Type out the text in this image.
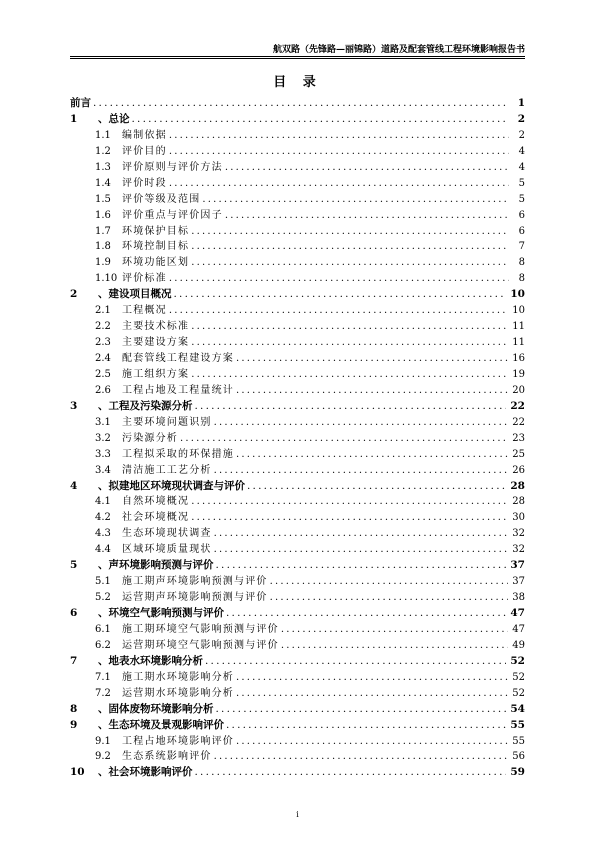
航双路（先锋路—丽锦路）道路及配套管线工程环境影响报告书
目 录
前言 .....	1
1	、总论 .....	2
1.1	编制依据 .....	2
1.2	评价目的 .....	4
1.3	评价原则与评价方法 .....	4
1.4	评价时段 .....	5
1.5	评价等级及范围 .....	5
1.6	评价重点与评价因子 .....	6
1.7	环境保护目标 .....	6
1.8	环境控制目标 .....	7
1.9	环境功能区划 .....	8
1.10 评价标准 .....	8
2	、建设项目概况 .....	10
2.1	工程概况 .....	10
2.2	主要技术标准 .....	11
2.3	主要建设方案 .....	11
2.4	配套管线工程建设方案 .....	16
2.5	施工组织方案 .....	19
2.6	工程占地及工程量统计 .....	20
3	、工程及污染源分析 .....	22
3.1	主要环境问题识别 .....	22
3.2	污染源分析 .....	23
3.3	工程拟采取的环保措施 .....	25
3.4	清洁施工工艺分析 .....	26
4	、拟建地区环境现状调查与评价 .....	28
4.1	自然环境概况 .....	28
4.2	社会环境概况 .....	30
4.3	生态环境现状调查 .....	32
4.4	区域环境质量现状 .....	32
5	、声环境影响预测与评价 .....	37
5.1	施工期声环境影响预测与评价 .....	37
5.2	运营期声环境影响预测与评价 .....	38
6	、环境空气影响预测与评价 .....	47
6.1	施工期环境空气影响预测与评价 .....	47
6.2	运营期环境空气影响预测与评价 .....	49
7	、地表水环境影响分析 .....	52
7.1	施工期水环境影响分析 .....	52
7.2	运营期水环境影响分析 .....	52
8	、固体废物环境影响分析 .....	54
9	、生态环境及景观影响评价 .....	55
9.1	工程占地环境影响评价 .....	55
9.2	生态系统影响评价 .....	56
10	、社会环境影响评价 .....	59
i
